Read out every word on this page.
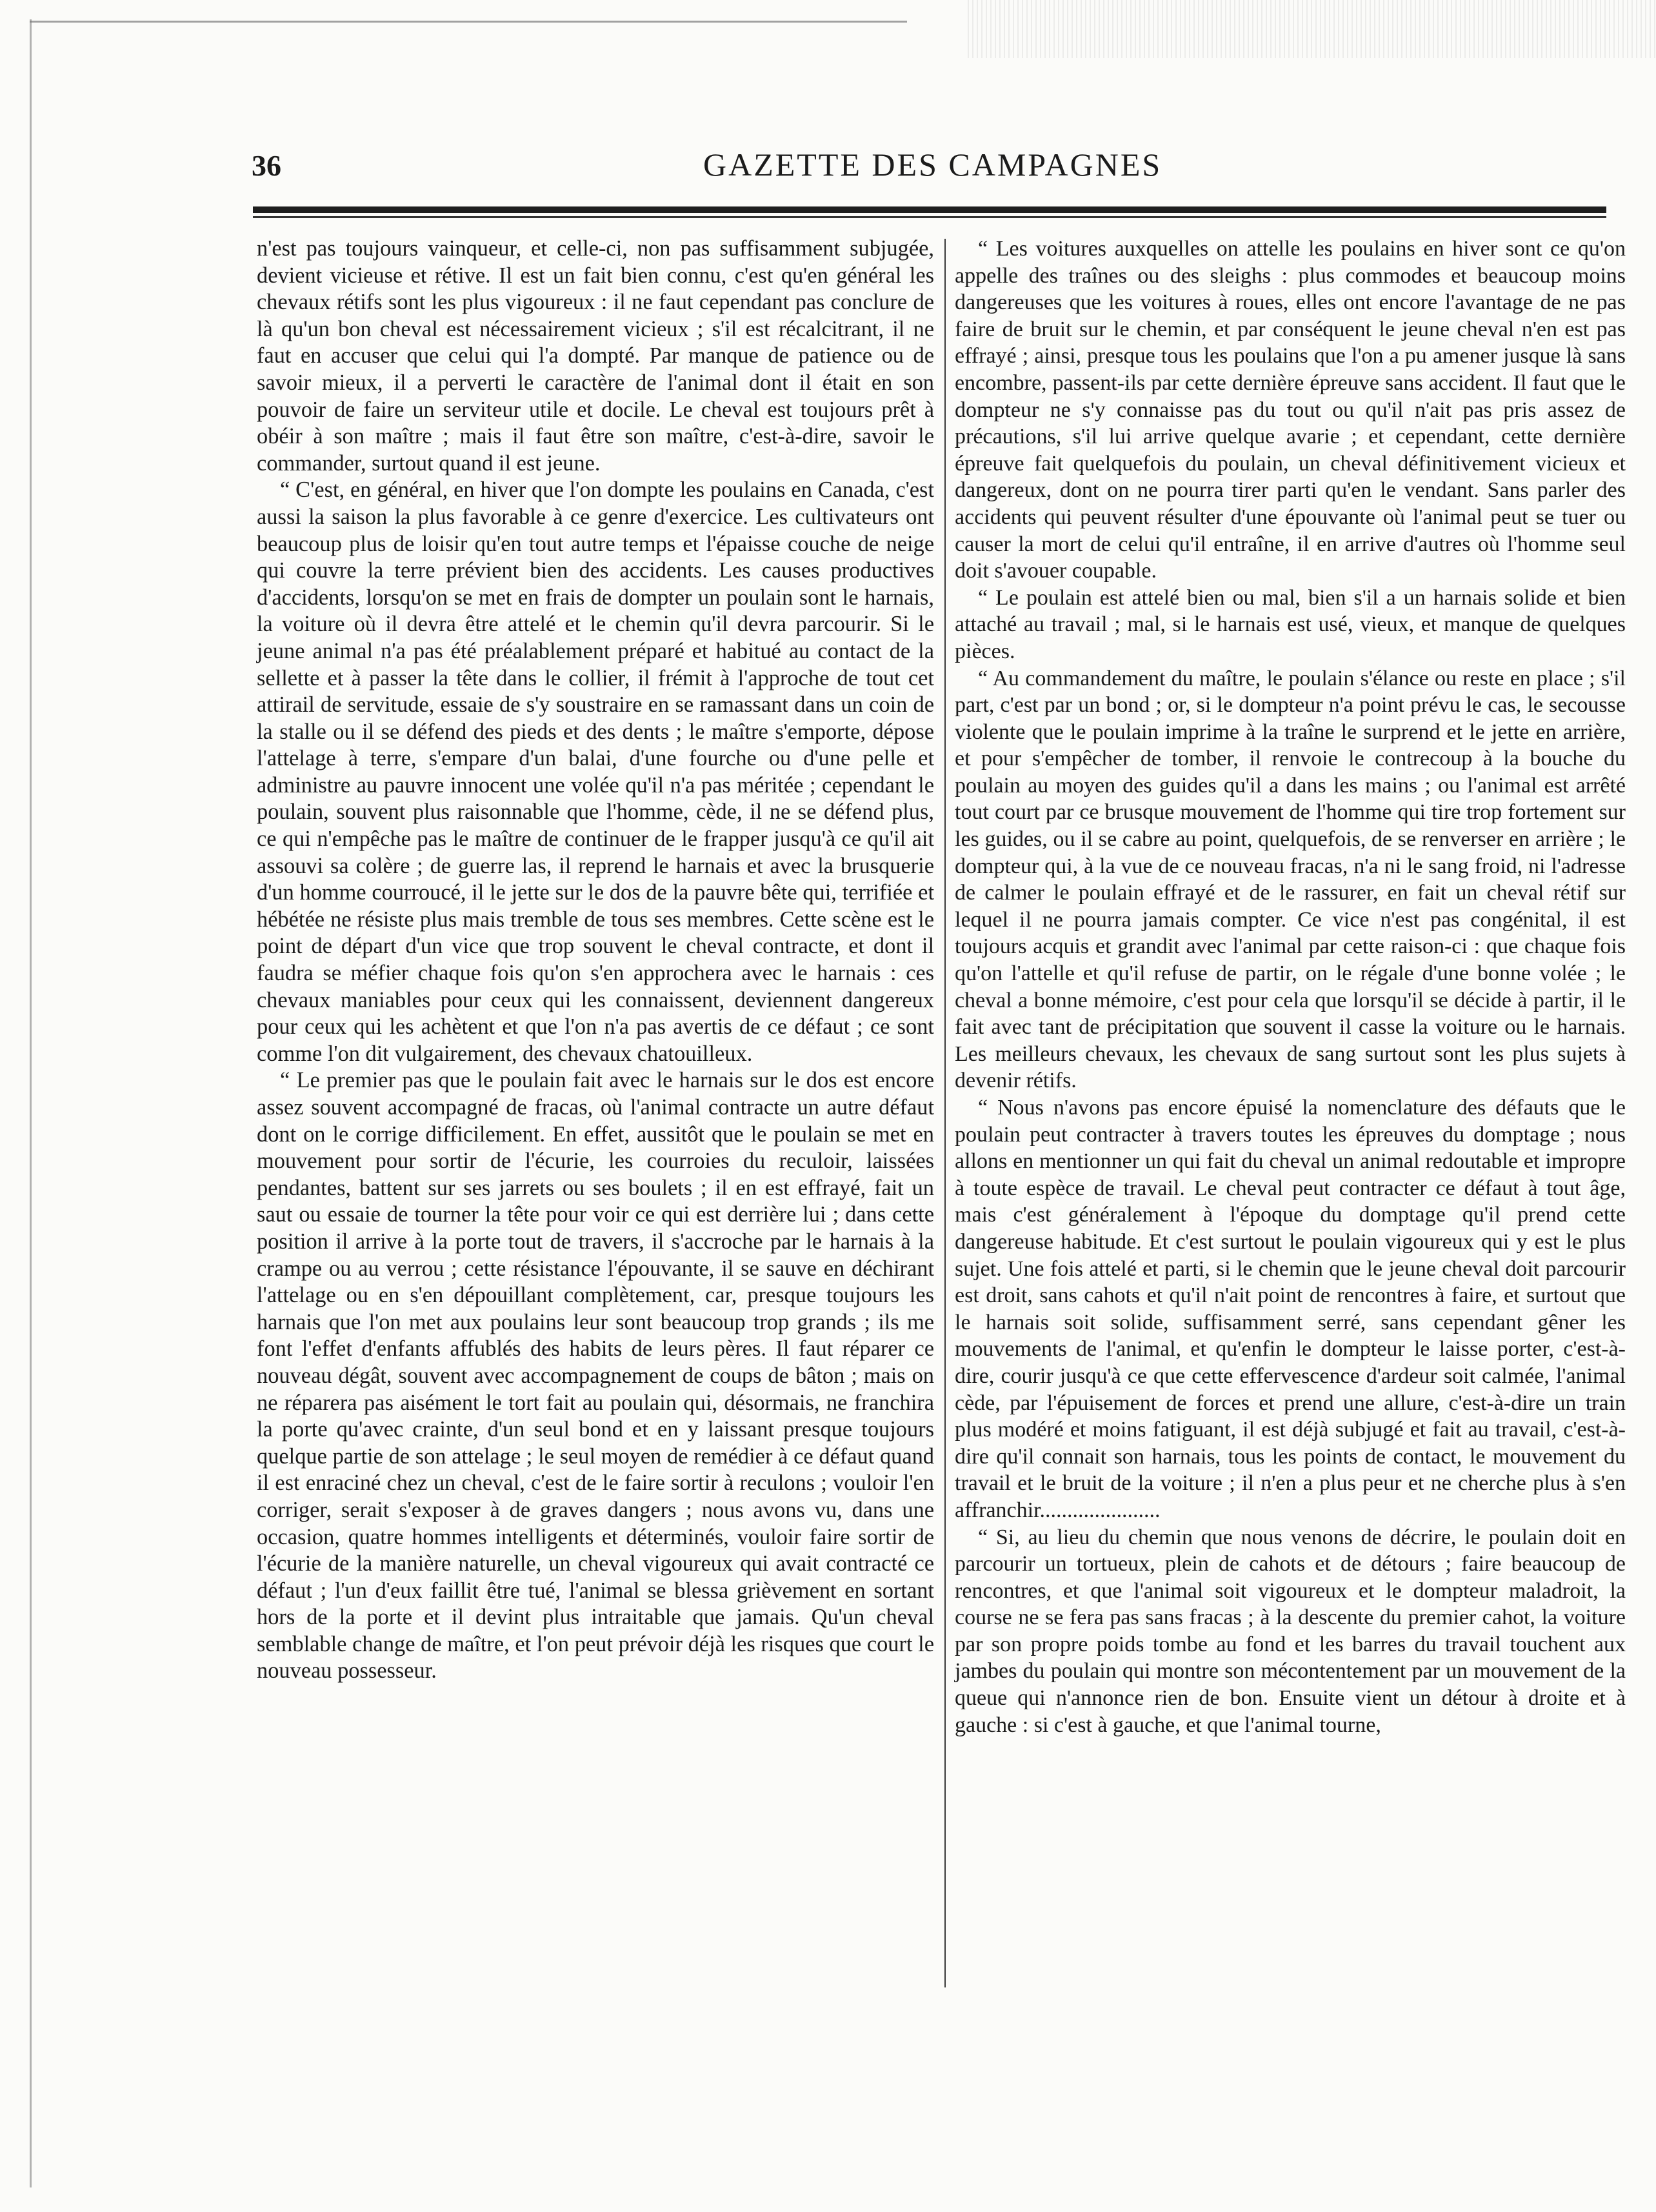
36	GAZETTE DES CAMPAGNES

n'est pas toujours vainqueur, et celle-ci, non pas suffisamment subjugée, devient vicieuse et rétive. Il est un fait bien connu, c'est qu'en général les chevaux rétifs sont les plus vigoureux : il ne faut cependant pas conclure de là qu'un bon cheval est nécessairement vicieux ; s'il est récalcitrant, il ne faut en accuser que celui qui l'a dompté. Par manque de patience ou de savoir mieux, il a perverti le caractère de l'animal dont il était en son pouvoir de faire un serviteur utile et docile. Le cheval est toujours prêt à obéir à son maître ; mais il faut être son maître, c'est-à-dire, savoir le commander, surtout quand il est jeune.

“ C'est, en général, en hiver que l'on dompte les poulains en Canada, c'est aussi la saison la plus favorable à ce genre d'exercice. Les cultivateurs ont beaucoup plus de loisir qu'en tout autre temps et l'épaisse couche de neige qui couvre la terre prévient bien des accidents. Les causes productives d'accidents, lorsqu'on se met en frais de dompter un poulain sont le harnais, la voiture où il devra être attelé et le chemin qu'il devra parcourir. Si le jeune animal n'a pas été préalablement préparé et habitué au contact de la sellette et à passer la tête dans le collier, il frémit à l'approche de tout cet attirail de servitude, essaie de s'y soustraire en se ramassant dans un coin de la stalle ou il se défend des pieds et des dents ; le maître s'emporte, dépose l'attelage à terre, s'empare d'un balai, d'une fourche ou d'une pelle et administre au pauvre innocent une volée qu'il n'a pas méritée ; cependant le poulain, souvent plus raisonnable que l'homme, cède, il ne se défend plus, ce qui n'empêche pas le maître de continuer de le frapper jusqu'à ce qu'il ait assouvi sa colère ; de guerre las, il reprend le harnais et avec la brusquerie d'un homme courroucé, il le jette sur le dos de la pauvre bête qui, terrifiée et hébétée ne résiste plus mais tremble de tous ses membres. Cette scène est le point de départ d'un vice que trop souvent le cheval contracte, et dont il faudra se méfier chaque fois qu'on s'en approchera avec le harnais : ces chevaux maniables pour ceux qui les connaissent, deviennent dangereux pour ceux qui les achètent et que l'on n'a pas avertis de ce défaut ; ce sont comme l'on dit vulgairement, des chevaux chatouilleux.

“ Le premier pas que le poulain fait avec le harnais sur le dos est encore assez souvent accompagné de fracas, où l'animal contracte un autre défaut dont on le corrige difficilement. En effet, aussitôt que le poulain se met en mouvement pour sortir de l'écurie, les courroies du reculoir, laissées pendantes, battent sur ses jarrets ou ses boulets ; il en est effrayé, fait un saut ou essaie de tourner la tête pour voir ce qui est derrière lui ; dans cette position il arrive à la porte tout de travers, il s'accroche par le harnais à la crampe ou au verrou ; cette résistance l'épouvante, il se sauve en déchirant l'attelage ou en s'en dépouillant complètement, car, presque toujours les harnais que l'on met aux poulains leur sont beaucoup trop grands ; ils me font l'effet d'enfants affublés des habits de leurs pères. Il faut réparer ce nouveau dégât, souvent avec accompagnement de coups de bâton ; mais on ne réparera pas aisément le tort fait au poulain qui, désormais, ne franchira la porte qu'avec crainte, d'un seul bond et en y laissant presque toujours quelque partie de son attelage ; le seul moyen de remédier à ce défaut quand il est enraciné chez un cheval, c'est de le faire sortir à reculons ; vouloir l'en corriger, serait s'exposer à de graves dangers ; nous avons vu, dans une occasion, quatre hommes intelligents et déterminés, vouloir faire sortir de l'écurie de la manière naturelle, un cheval vigoureux qui avait contracté ce défaut ; l'un d'eux faillit être tué, l'animal se blessa grièvement en sortant hors de la porte et il devint plus intraitable que jamais. Qu'un cheval semblable change de maître, et l'on peut prévoir déjà les risques que court le nouveau possesseur.

“ Les voitures auxquelles on attelle les poulains en hiver sont ce qu'on appelle des traînes ou des sleighs : plus commodes et beaucoup moins dangereuses que les voitures à roues, elles ont encore l'avantage de ne pas faire de bruit sur le chemin, et par conséquent le jeune cheval n'en est pas effrayé ; ainsi, presque tous les poulains que l'on a pu amener jusque là sans encombre, passent-ils par cette dernière épreuve sans accident. Il faut que le dompteur ne s'y connaisse pas du tout ou qu'il n'ait pas pris assez de précautions, s'il lui arrive quelque avarie ; et cependant, cette dernière épreuve fait quelquefois du poulain, un cheval définitivement vicieux et dangereux, dont on ne pourra tirer parti qu'en le vendant. Sans parler des accidents qui peuvent résulter d'une épouvante où l'animal peut se tuer ou causer la mort de celui qu'il entraîne, il en arrive d'autres où l'homme seul doit s'avouer coupable.

“ Le poulain est attelé bien ou mal, bien s'il a un harnais solide et bien attaché au travail ; mal, si le harnais est usé, vieux, et manque de quelques pièces.

“ Au commandement du maître, le poulain s'élance ou reste en place ; s'il part, c'est par un bond ; or, si le dompteur n'a point prévu le cas, le secousse violente que le poulain imprime à la traîne le surprend et le jette en arrière, et pour s'empêcher de tomber, il renvoie le contrecoup à la bouche du poulain au moyen des guides qu'il a dans les mains ; ou l'animal est arrêté tout court par ce brusque mouvement de l'homme qui tire trop fortement sur les guides, ou il se cabre au point, quelquefois, de se renverser en arrière ; le dompteur qui, à la vue de ce nouveau fracas, n'a ni le sang froid, ni l'adresse de calmer le poulain effrayé et de le rassurer, en fait un cheval rétif sur lequel il ne pourra jamais compter. Ce vice n'est pas congénital, il est toujours acquis et grandit avec l'animal par cette raison-ci : que chaque fois qu'on l'attelle et qu'il refuse de partir, on le régale d'une bonne volée ; le cheval a bonne mémoire, c'est pour cela que lorsqu'il se décide à partir, il le fait avec tant de précipitation que souvent il casse la voiture ou le harnais. Les meilleurs chevaux, les chevaux de sang surtout sont les plus sujets à devenir rétifs.

“ Nous n'avons pas encore épuisé la nomenclature des défauts que le poulain peut contracter à travers toutes les épreuves du domptage ; nous allons en mentionner un qui fait du cheval un animal redoutable et impropre à toute espèce de travail. Le cheval peut contracter ce défaut à tout âge, mais c'est généralement à l'époque du domptage qu'il prend cette dangereuse habitude. Et c'est surtout le poulain vigoureux qui y est le plus sujet. Une fois attelé et parti, si le chemin que le jeune cheval doit parcourir est droit, sans cahots et qu'il n'ait point de rencontres à faire, et surtout que le harnais soit solide, suffisamment serré, sans cependant gêner les mouvements de l'animal, et qu'enfin le dompteur le laisse porter, c'est-à-dire, courir jusqu'à ce que cette effervescence d'ardeur soit calmée, l'animal cède, par l'épuisement de forces et prend une allure, c'est-à-dire un train plus modéré et moins fatiguant, il est déjà subjugé et fait au travail, c'est-à-dire qu'il connait son harnais, tous les points de contact, le mouvement du travail et le bruit de la voiture ; il n'en a plus peur et ne cherche plus à s'en affranchir......................

“ Si, au lieu du chemin que nous venons de décrire, le poulain doit en parcourir un tortueux, plein de cahots et de détours ; faire beaucoup de rencontres, et que l'animal soit vigoureux et le dompteur maladroit, la course ne se fera pas sans fracas ; à la descente du premier cahot, la voiture par son propre poids tombe au fond et les barres du travail touchent aux jambes du poulain qui montre son mécontentement par un mouvement de la queue qui n'annonce rien de bon. Ensuite vient un détour à droite et à gauche : si c'est à gauche, et que l'animal tourne,
